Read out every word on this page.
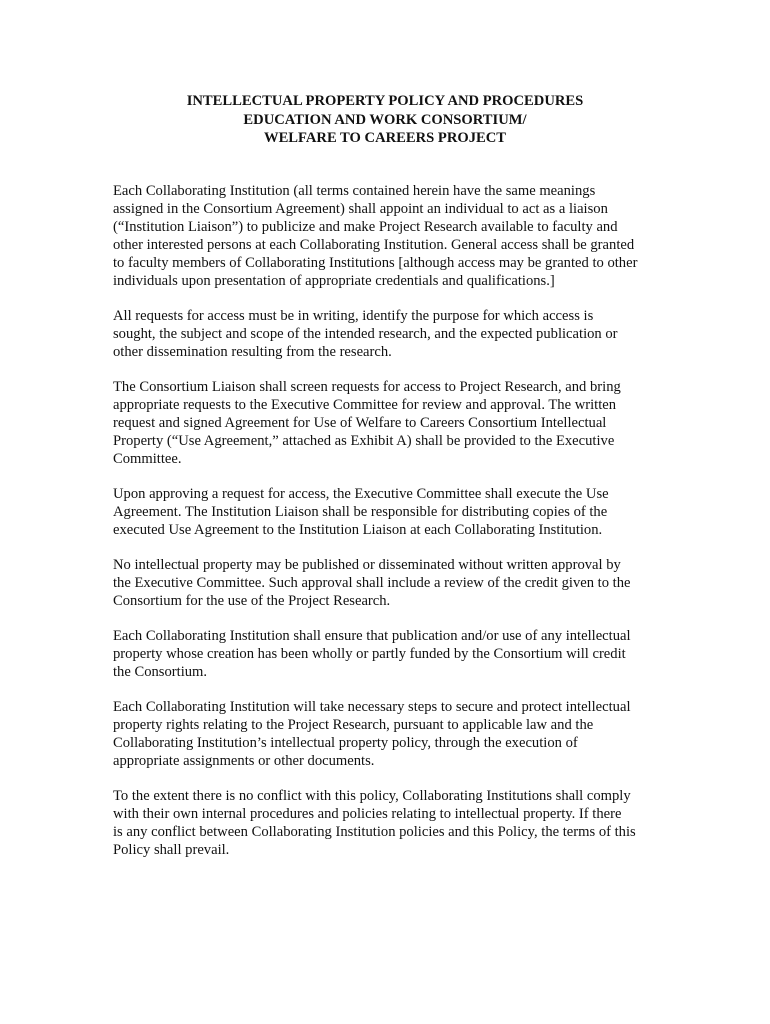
INTELLECTUAL PROPERTY POLICY AND PROCEDURES
EDUCATION AND WORK CONSORTIUM/
WELFARE TO CAREERS PROJECT

Each Collaborating Institution (all terms contained herein have the same meanings
assigned in the Consortium Agreement) shall appoint an individual to act as a liaison
(“Institution Liaison”) to publicize and make Project Research available to faculty and
other interested persons at each Collaborating Institution. General access shall be granted
to faculty members of Collaborating Institutions [although access may be granted to other
individuals upon presentation of appropriate credentials and qualifications.]

All requests for access must be in writing, identify the purpose for which access is
sought, the subject and scope of the intended research, and the expected publication or
other dissemination resulting from the research.

The Consortium Liaison shall screen requests for access to Project Research, and bring
appropriate requests to the Executive Committee for review and approval. The written
request and signed Agreement for Use of Welfare to Careers Consortium Intellectual
Property (“Use Agreement,” attached as Exhibit A) shall be provided to the Executive
Committee.

Upon approving a request for access, the Executive Committee shall execute the Use
Agreement. The Institution Liaison shall be responsible for distributing copies of the
executed Use Agreement to the Institution Liaison at each Collaborating Institution.

No intellectual property may be published or disseminated without written approval by
the Executive Committee. Such approval shall include a review of the credit given to the
Consortium for the use of the Project Research.

Each Collaborating Institution shall ensure that publication and/or use of any intellectual
property whose creation has been wholly or partly funded by the Consortium will credit
the Consortium.

Each Collaborating Institution will take necessary steps to secure and protect intellectual
property rights relating to the Project Research, pursuant to applicable law and the
Collaborating Institution’s intellectual property policy, through the execution of
appropriate assignments or other documents.

To the extent there is no conflict with this policy, Collaborating Institutions shall comply
with their own internal procedures and policies relating to intellectual property. If there
is any conflict between Collaborating Institution policies and this Policy, the terms of this
Policy shall prevail.
